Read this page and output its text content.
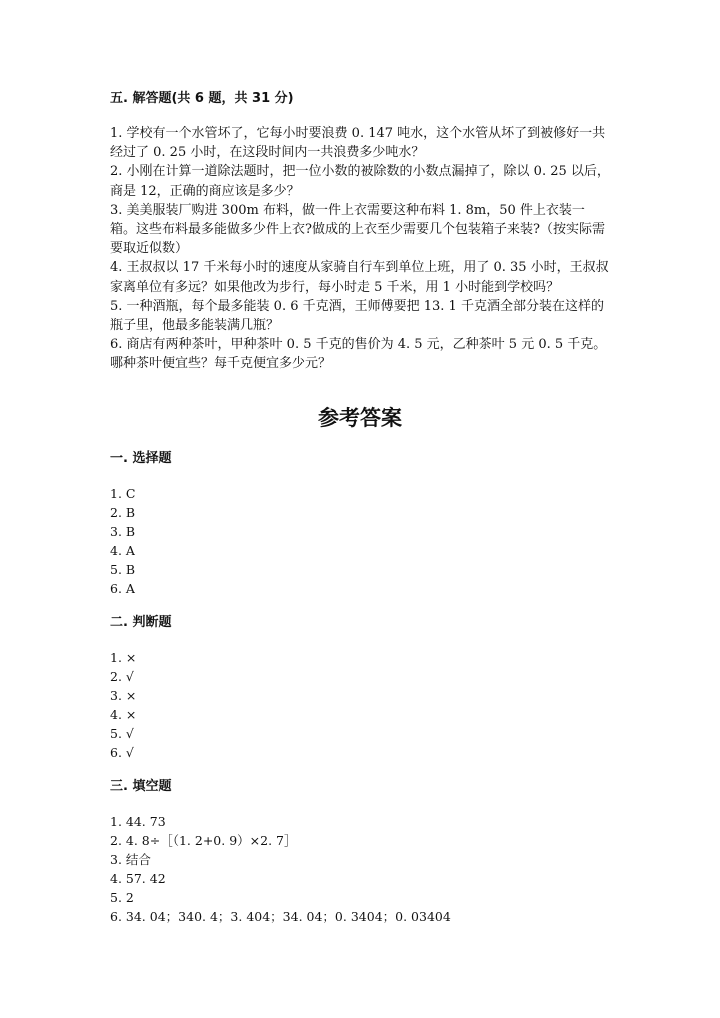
五. 解答题(共 6 题，共 31 分)

1. 学校有一个水管坏了，它每小时要浪费 0. 147 吨水，这个水管从坏了到被修好一共经过了 0. 25 小时，在这段时间内一共浪费多少吨水？

2. 小刚在计算一道除法题时，把一位小数的被除数的小数点漏掉了，除以 0. 25 以后，商是 12，正确的商应该是多少？

3. 美美服装厂购进 300m 布料，做一件上衣需要这种布料 1. 8m，50 件上衣装一箱。这些布料最多能做多少件上衣?做成的上衣至少需要几个包装箱子来装?（按实际需要取近似数）

4. 王叔叔以 17 千米每小时的速度从家骑自行车到单位上班，用了 0. 35 小时，王叔叔家离单位有多远？如果他改为步行，每小时走 5 千米，用 1 小时能到学校吗？

5. 一种酒瓶，每个最多能装 0. 6 千克酒，王师傅要把 13. 1 千克酒全部分装在这样的瓶子里，他最多能装满几瓶？

6. 商店有两种茶叶，甲种茶叶 0. 5 千克的售价为 4. 5 元，乙种茶叶 5 元 0. 5 千克。哪种茶叶便宜些？每千克便宜多少元？

参考答案
一. 选择题
1. C
2. B
3. B
4. A
5. B
6. A
二. 判断题
1. ×
2. √
3. ×
4. ×
5. √
6. √
三. 填空题
1. 44. 73
2. 4. 8÷［（1. 2+0. 9）×2. 7］
3. 结合
4. 57. 42
5. 2
6. 34. 04；340. 4；3. 404；34. 04；0. 3404；0. 03404
